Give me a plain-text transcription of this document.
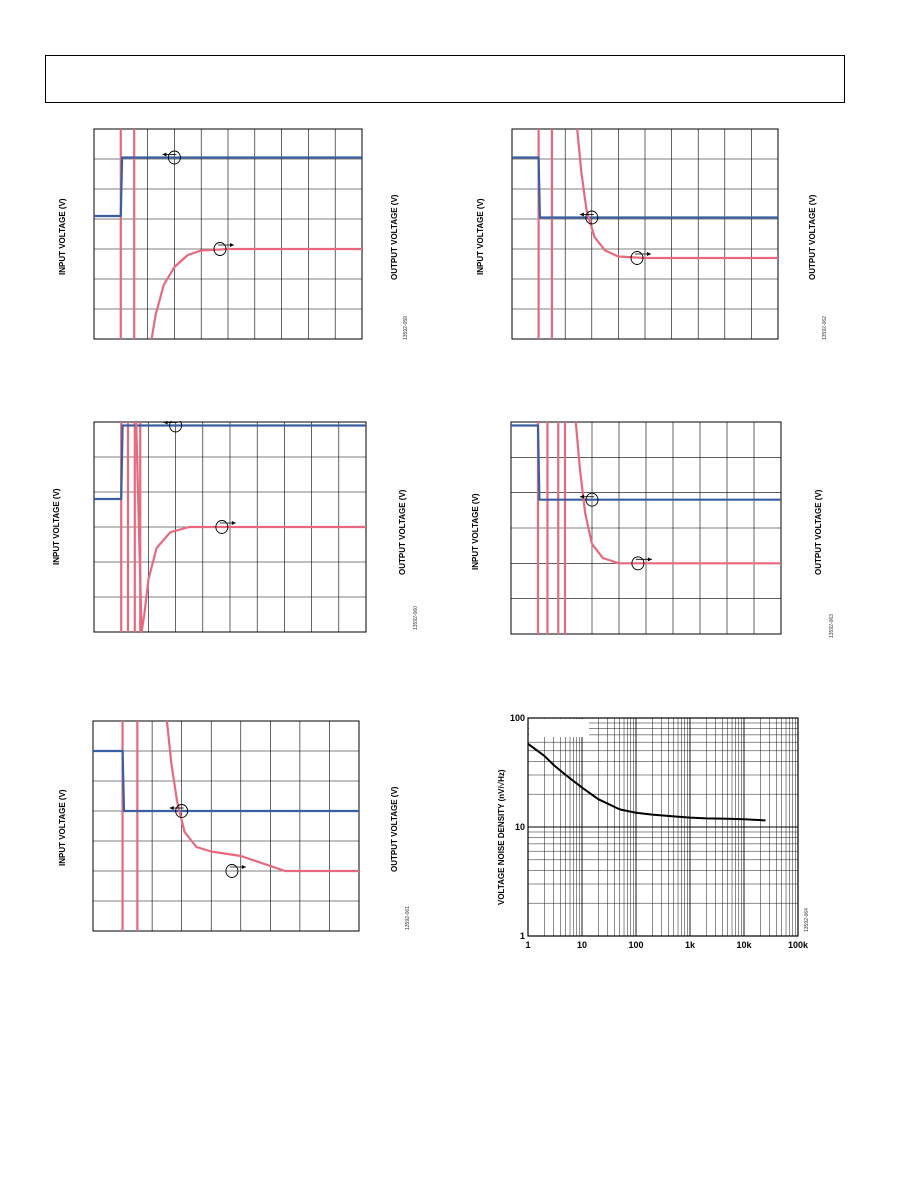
INPUT VOLTAGE (V)	OUTPUT VOLTAGE (V)
13592-059
INPUT VOLTAGE (V)	OUTPUT VOLTAGE (V)
13592-062
INPUT VOLTAGE (V)	OUTPUT VOLTAGE (V)
13592-060
INPUT VOLTAGE (V)	OUTPUT VOLTAGE (V)
13592-063
INPUT VOLTAGE (V)	OUTPUT VOLTAGE (V)
13592-061
1	10	100	1k	10k	100k
1
10
100
VOLTAGE NOISE DENSITY (nV/√Hz)
13592-064
